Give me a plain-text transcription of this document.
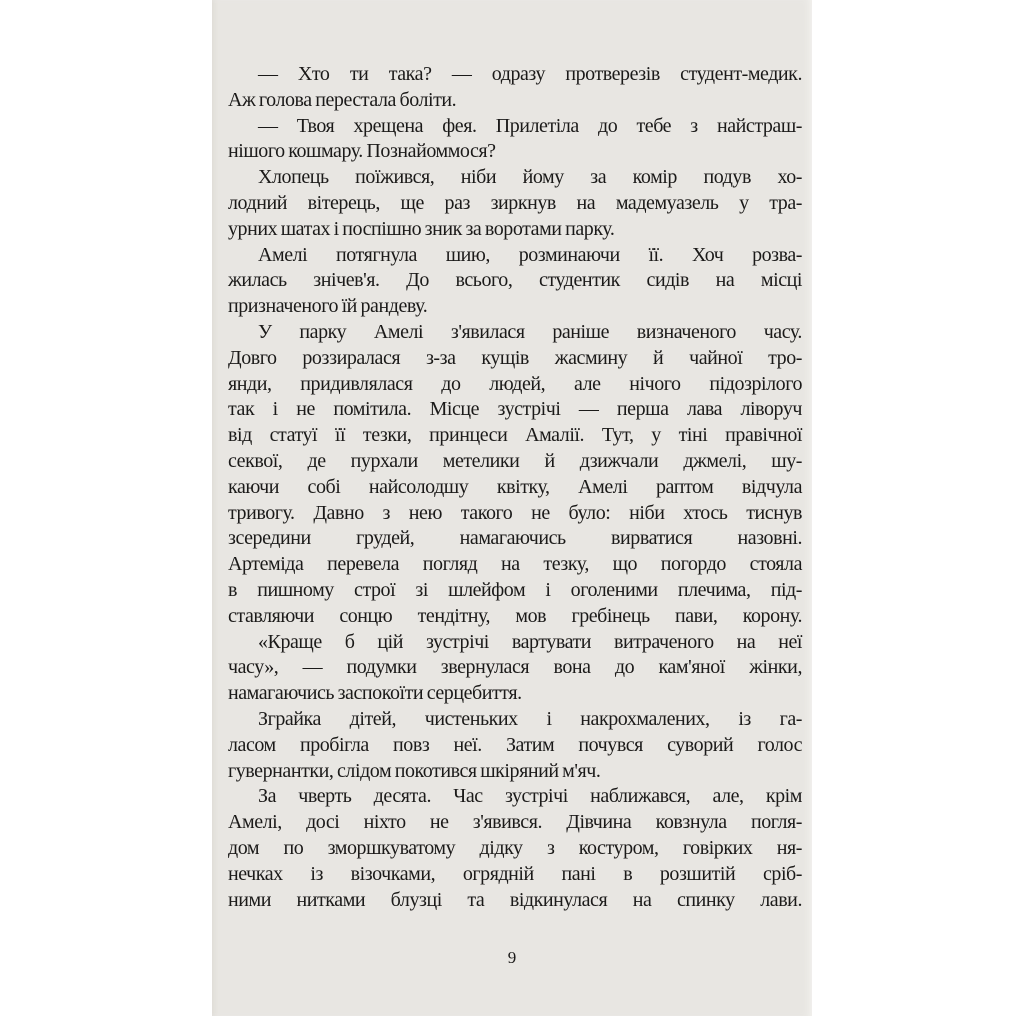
— Хто ти така? — одразу протверезів студент-медик.
Аж голова перестала боліти.
— Твоя хрещена фея. Прилетіла до тебе з найстраш-
нішого кошмару. Познайоммося?
Хлопець поїжився, ніби йому за комір подув хо-
лодний вітерець, ще раз зиркнув на мадемуазель у тра-
урних шатах і поспішно зник за воротами парку.
Амелі потягнула шию, розминаючи її. Хоч розва-
жилась знічев'я. До всього, студентик сидів на місці
призначеного їй рандеву.
У парку Амелі з'явилася раніше визначеного часу.
Довго роззиралася з-за кущів жасмину й чайної тро-
янди, придивлялася до людей, але нічого підозрілого
так і не помітила. Місце зустрічі — перша лава ліворуч
від статуї її тезки, принцеси Амалії. Тут, у тіні правічної
секвої, де пурхали метелики й дзижчали джмелі, шу-
каючи собі найсолодшу квітку, Амелі раптом відчула
тривогу. Давно з нею такого не було: ніби хтось тиснув
зсередини грудей, намагаючись вирватися назовні.
Артеміда перевела погляд на тезку, що погордо стояла
в пишному строї зі шлейфом і оголеними плечима, під-
ставляючи сонцю тендітну, мов гребінець пави, корону.
«Краще б цій зустрічі вартувати витраченого на неї
часу», — подумки звернулася вона до кам'яної жінки,
намагаючись заспокоїти серцебиття.
Зграйка дітей, чистеньких і накрохмалених, із га-
ласом пробігла повз неї. Затим почувся суворий голос
гувернантки, слідом покотився шкіряний м'яч.
За чверть десята. Час зустрічі наближався, але, крім
Амелі, досі ніхто не з'явився. Дівчина ковзнула погля-
дом по зморшкуватому дідку з костуром, говірких ня-
нечках із візочками, огрядній пані в розшитій сріб-
ними нитками блузці та відкинулася на спинку лави.
9
